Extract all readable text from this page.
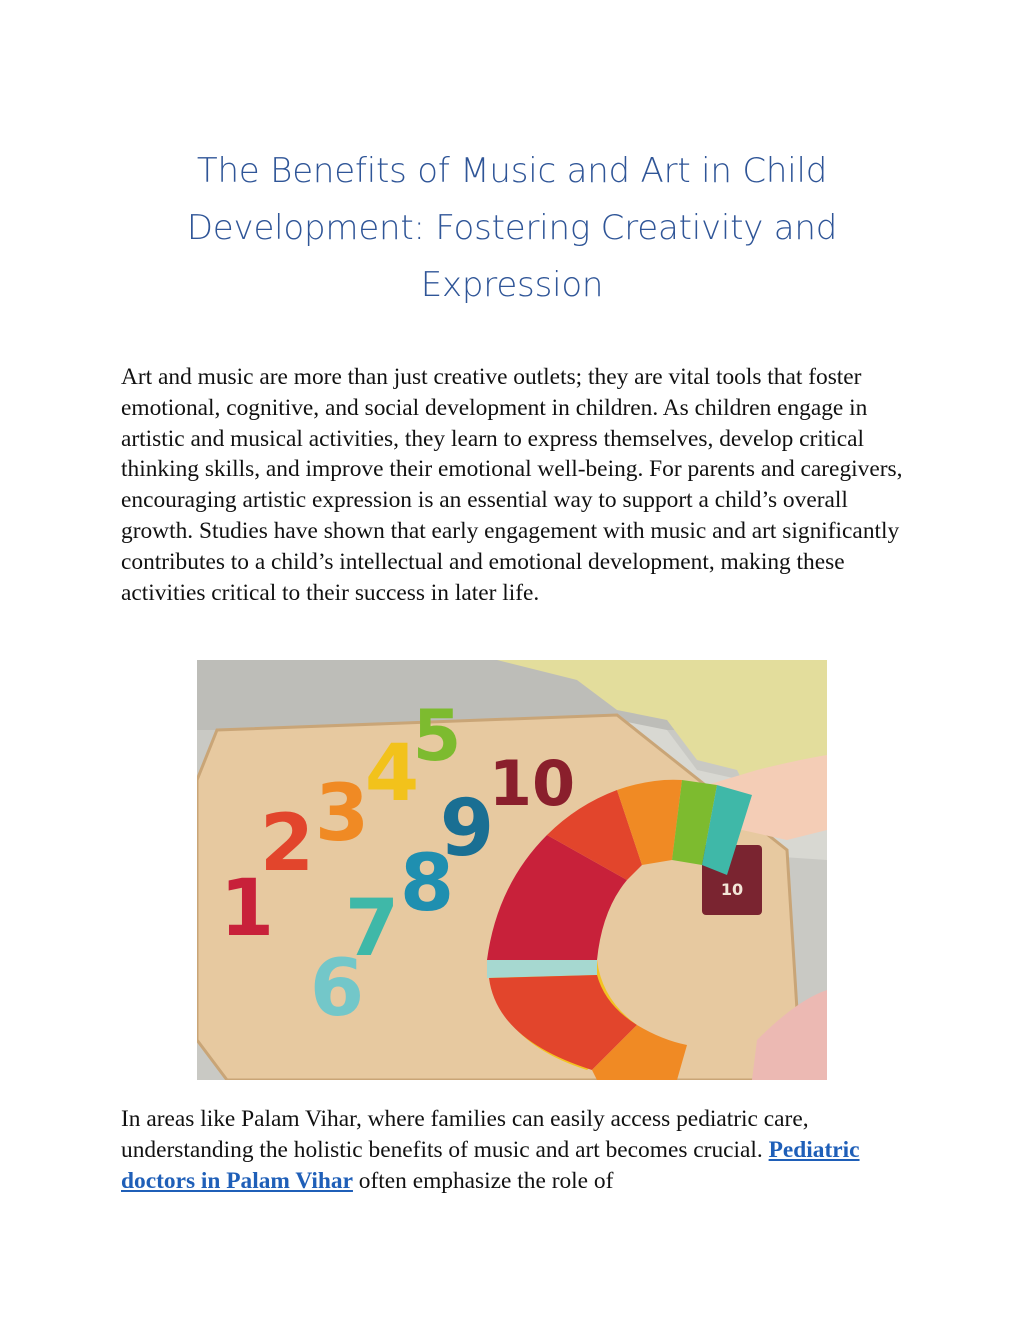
The Benefits of Music and Art in Child
Development: Fostering Creativity and
Expression

Art and music are more than just creative outlets; they are vital tools that foster emotional, cognitive, and social development in children. As children engage in artistic and musical activities, they learn to express themselves, develop critical thinking skills, and improve their emotional well-being. For parents and caregivers, encouraging artistic expression is an essential way to support a child’s overall growth. Studies have shown that early engagement with music and art significantly contributes to a child’s intellectual and emotional development, making these activities critical to their success in later life.

10
1
2 3
4
5
6
7 8
9
10

In areas like Palam Vihar, where families can easily access pediatric care, understanding the holistic benefits of music and art becomes crucial. Pediatric doctors in Palam Vihar often emphasize the role of
